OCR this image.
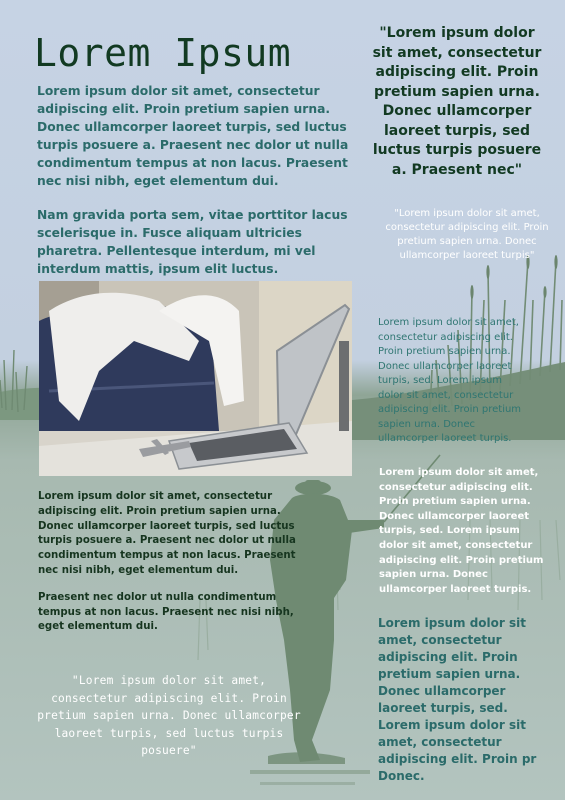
Lorem Ipsum

Lorem ipsum dolor sit amet, consectetur adipiscing elit. Proin pretium sapien urna. Donec ullamcorper laoreet turpis, sed luctus turpis posuere a. Praesent nec dolor ut nulla condimentum tempus at non lacus. Praesent nec nisi nibh, eget elementum dui.

Nam gravida porta sem, vitae porttitor lacus scelerisque in. Fusce aliquam ultricies pharetra. Pellentesque interdum, mi vel interdum mattis, ipsum elit luctus.

"Lorem ipsum dolor sit amet, consectetur adipiscing elit. Proin pretium sapien urna. Donec ullamcorper laoreet turpis, sed luctus turpis posuere a. Praesent nec"

"Lorem ipsum dolor sit amet, consectetur adipiscing elit. Proin pretium sapien urna. Donec ullamcorper laoreet turpis"

Lorem ipsum dolor sit amet, consectetur adipiscing elit. Proin pretium sapien urna. Donec ullamcorper laoreet turpis, sed. Lorem ipsum dolor sit amet, consectetur adipiscing elit. Proin pretium sapien urna. Donec ullamcorper laoreet turpis.

Lorem ipsum dolor sit amet, consectetur adipiscing elit. Proin pretium sapien urna. Donec ullamcorper laoreet turpis, sed. Lorem ipsum dolor sit amet, consectetur adipiscing elit. Proin pretium sapien urna. Donec ullamcorper laoreet turpis.

Lorem ipsum dolor sit amet, consectetur adipiscing elit. Proin pretium sapien urna. Donec ullamcorper laoreet turpis, sed. Lorem ipsum dolor sit amet, consectetur adipiscing elit. Proin pr Donec.

Lorem ipsum dolor sit amet, consectetur adipiscing elit. Proin pretium sapien urna. Donec ullamcorper laoreet turpis, sed luctus turpis posuere a. Praesent nec dolor ut nulla condimentum tempus at non lacus. Praesent nec nisi nibh, eget elementum dui.

Praesent nec dolor ut nulla condimentum tempus at non lacus. Praesent nec nisi nibh, eget elementum dui.

"Lorem ipsum dolor sit amet, consectetur adipiscing elit. Proin pretium sapien urna. Donec ullamcorper laoreet turpis, sed luctus turpis posuere"
